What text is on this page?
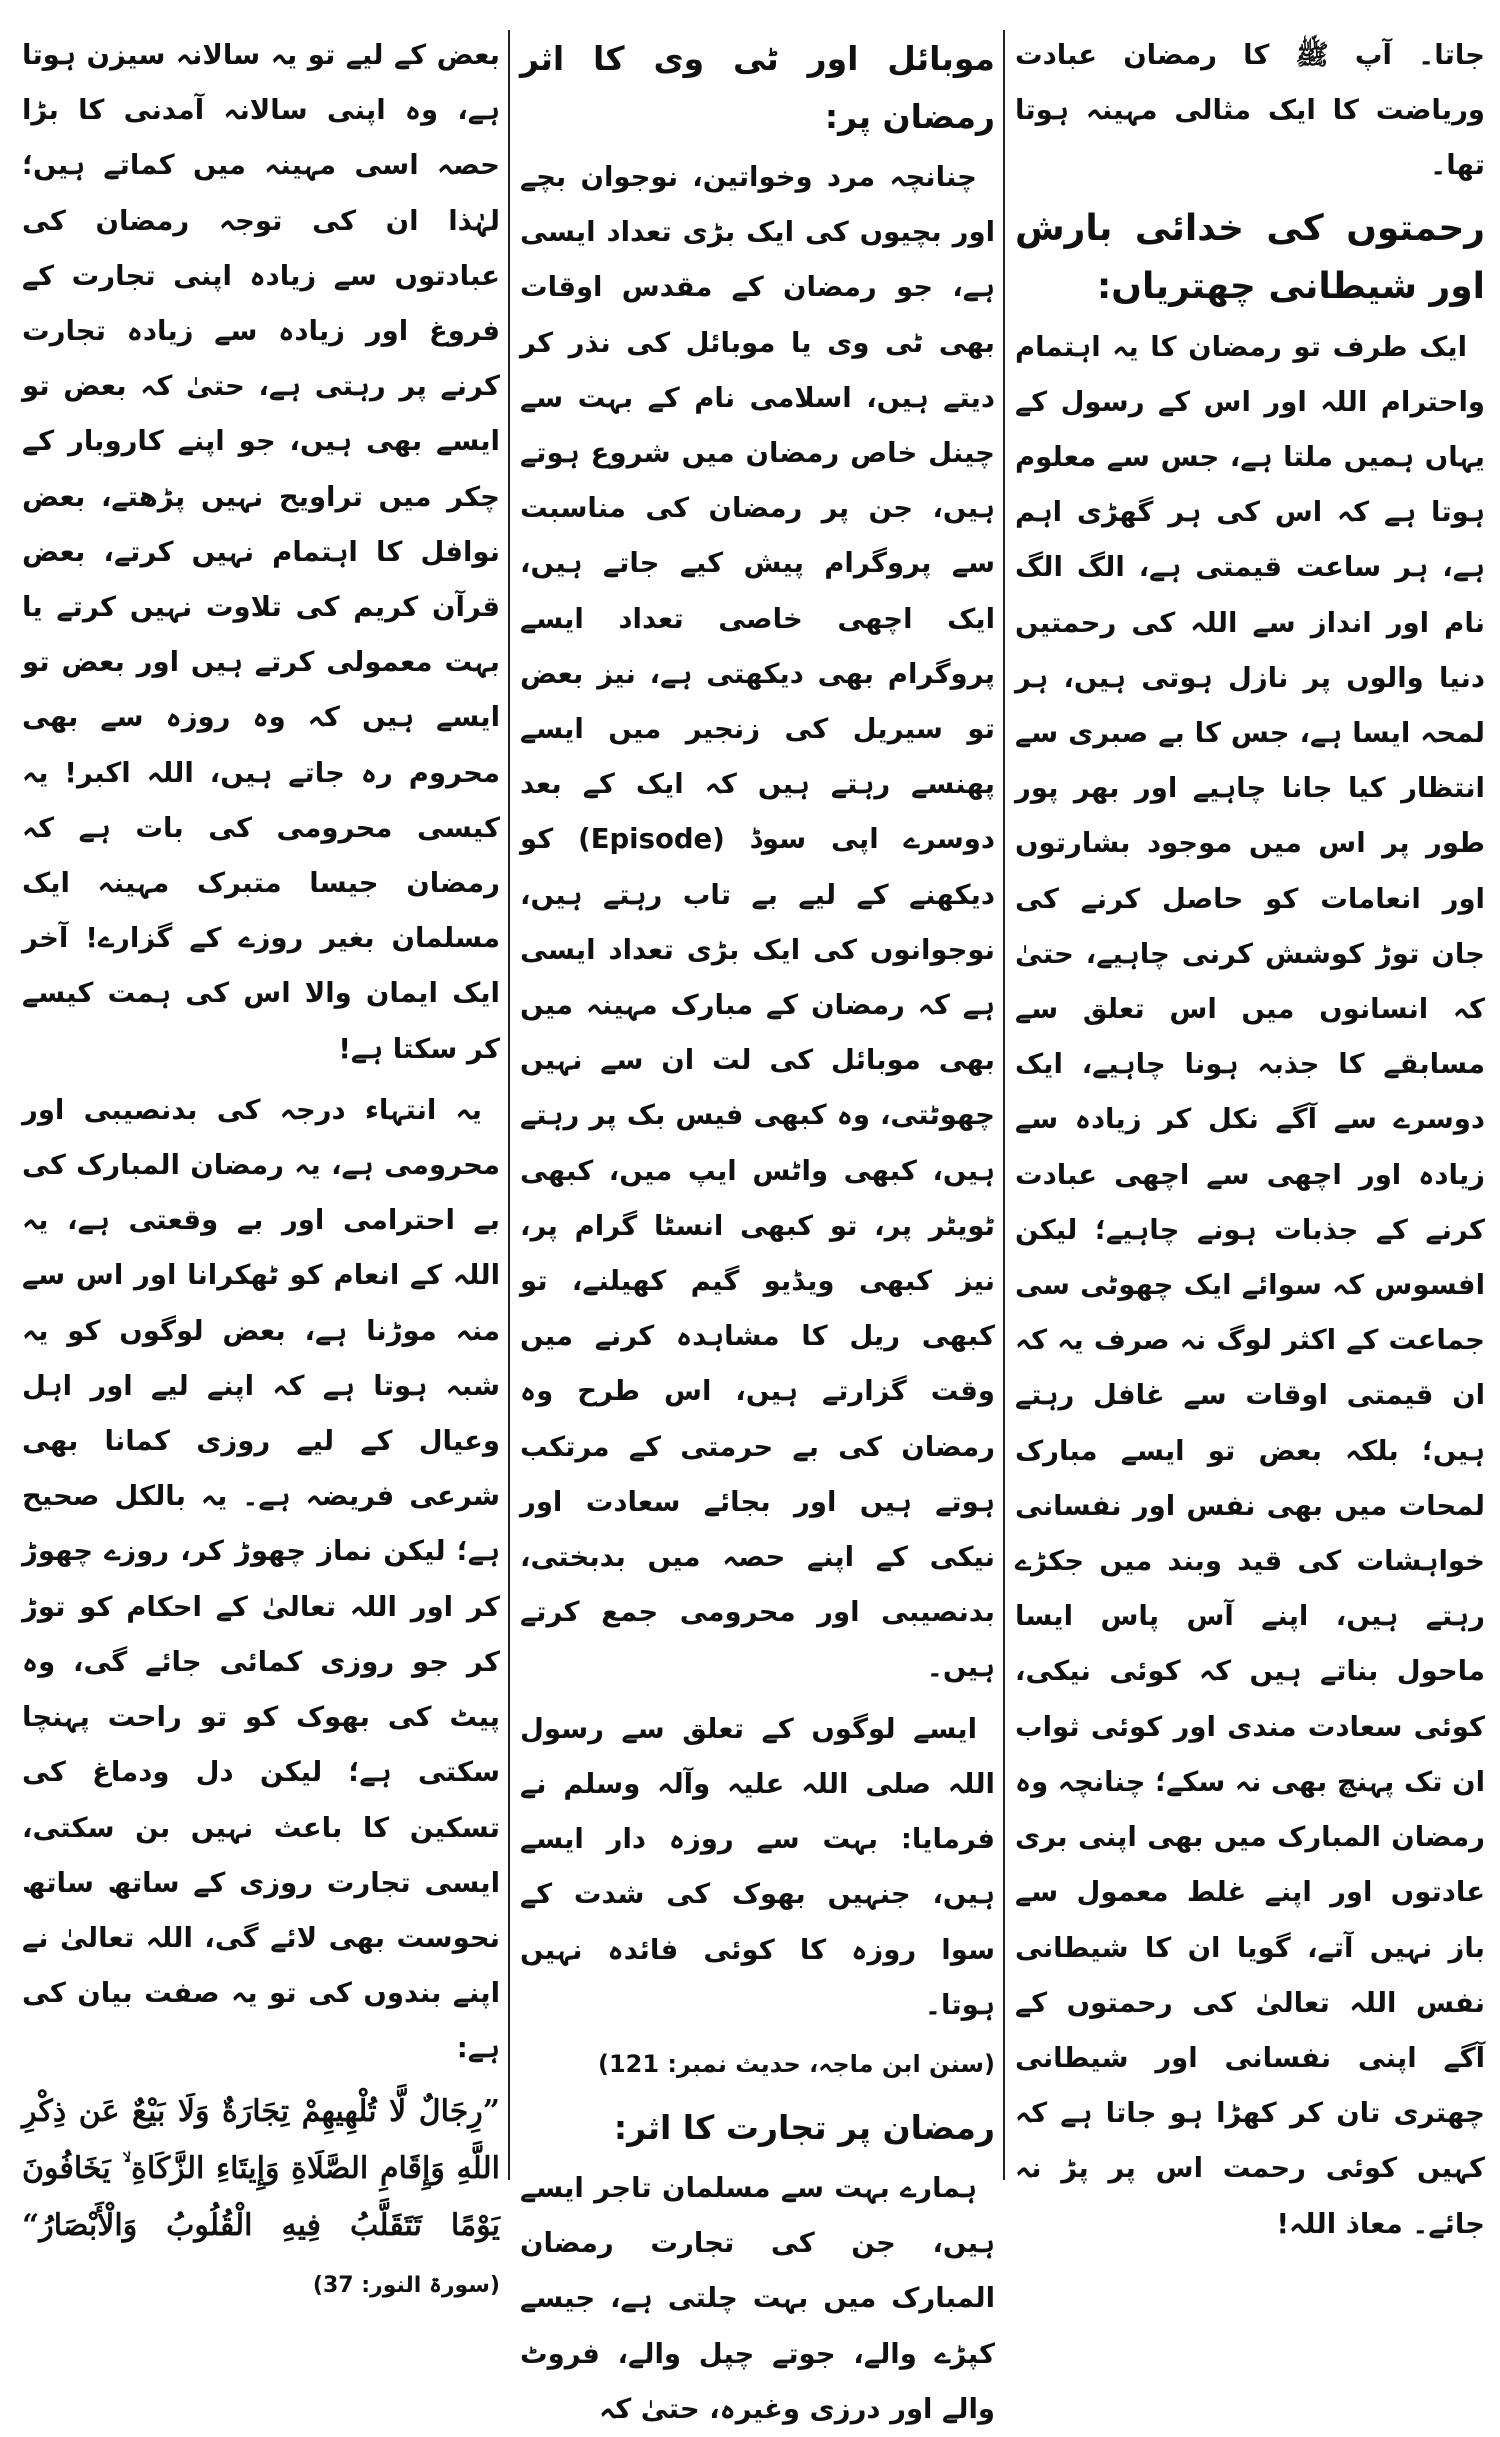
جاتا۔ آپ ﷺ کا رمضان عبادت وریاضت کا ایک مثالی مہینہ ہوتا تھا۔

رحمتوں کی خدائی بارش اور شیطانی چھتریاں:

ایک طرف تو رمضان کا یہ اہتمام واحترام اللہ اور اس کے رسول کے یہاں ہمیں ملتا ہے، جس سے معلوم ہوتا ہے کہ اس کی ہر گھڑی اہم ہے، ہر ساعت قیمتی ہے، الگ الگ نام اور انداز سے اللہ کی رحمتیں دنیا والوں پر نازل ہوتی ہیں، ہر لمحہ ایسا ہے، جس کا بے صبری سے انتظار کیا جانا چاہیے اور بھر پور طور پر اس میں موجود بشارتوں اور انعامات کو حاصل کرنے کی جان توڑ کوشش کرنی چاہیے، حتیٰ کہ انسانوں میں اس تعلق سے مسابقے کا جذبہ ہونا چاہیے، ایک دوسرے سے آگے نکل کر زیادہ سے زیادہ اور اچھی سے اچھی عبادت کرنے کے جذبات ہونے چاہیے؛ لیکن افسوس کہ سوائے ایک چھوٹی سی جماعت کے اکثر لوگ نہ صرف یہ کہ ان قیمتی اوقات سے غافل رہتے ہیں؛ بلکہ بعض تو ایسے مبارک لمحات میں بھی نفس اور نفسانی خواہشات کی قید وبند میں جکڑے رہتے ہیں، اپنے آس پاس ایسا ماحول بناتے ہیں کہ کوئی نیکی، کوئی سعادت مندی اور کوئی ثواب ان تک پہنچ بھی نہ سکے؛ چنانچہ وہ رمضان المبارک میں بھی اپنی بری عادتوں اور اپنے غلط معمول سے باز نہیں آتے، گویا ان کا شیطانی نفس اللہ تعالیٰ کی رحمتوں کے آگے اپنی نفسانی اور شیطانی چھتری تان کر کھڑا ہو جاتا ہے کہ کہیں کوئی رحمت اس پر پڑ نہ جائے۔ معاذ اللہ!

موبائل اور ٹی وی کا اثر رمضان پر:

چنانچہ مرد وخواتین، نوجوان بچے اور بچیوں کی ایک بڑی تعداد ایسی ہے، جو رمضان کے مقدس اوقات بھی ٹی وی یا موبائل کی نذر کر دیتے ہیں، اسلامی نام کے بہت سے چینل خاص رمضان میں شروع ہوتے ہیں، جن پر رمضان کی مناسبت سے پروگرام پیش کیے جاتے ہیں، ایک اچھی خاصی تعداد ایسے پروگرام بھی دیکھتی ہے، نیز بعض تو سیریل کی زنجیر میں ایسے پھنسے رہتے ہیں کہ ایک کے بعد دوسرے اپی سوڈ (Episode) کو دیکھنے کے لیے بے تاب رہتے ہیں، نوجوانوں کی ایک بڑی تعداد ایسی ہے کہ رمضان کے مبارک مہینہ میں بھی موبائل کی لت ان سے نہیں چھوٹتی، وہ کبھی فیس بک پر رہتے ہیں، کبھی واٹس ایپ میں، کبھی ٹویٹر پر، تو کبھی انسٹا گرام پر، نیز کبھی ویڈیو گیم کھیلنے، تو کبھی ریل کا مشاہدہ کرنے میں وقت گزارتے ہیں، اس طرح وہ رمضان کی بے حرمتی کے مرتکب ہوتے ہیں اور بجائے سعادت اور نیکی کے اپنے حصہ میں بدبختی، بدنصیبی اور محرومی جمع کرتے ہیں۔

ایسے لوگوں کے تعلق سے رسول اللہ صلی اللہ علیہ وآلہ وسلم نے فرمایا: بہت سے روزہ دار ایسے ہیں، جنہیں بھوک کی شدت کے سوا روزہ کا کوئی فائدہ نہیں ہوتا۔

(سنن ابن ماجہ، حدیث نمبر: 121)

رمضان پر تجارت کا اثر:

ہمارے بہت سے مسلمان تاجر ایسے ہیں، جن کی تجارت رمضان المبارک میں بہت چلتی ہے، جیسے کپڑے والے، جوتے چپل والے، فروٹ والے اور درزی وغیرہ، حتیٰ کہ

بعض کے لیے تو یہ سالانہ سیزن ہوتا ہے، وہ اپنی سالانہ آمدنی کا بڑا حصہ اسی مہینہ میں کماتے ہیں؛ لہٰذا ان کی توجہ رمضان کی عبادتوں سے زیادہ اپنی تجارت کے فروغ اور زیادہ سے زیادہ تجارت کرنے پر رہتی ہے، حتیٰ کہ بعض تو ایسے بھی ہیں، جو اپنے کاروبار کے چکر میں تراویح نہیں پڑھتے، بعض نوافل کا اہتمام نہیں کرتے، بعض قرآن کریم کی تلاوت نہیں کرتے یا بہت معمولی کرتے ہیں اور بعض تو ایسے ہیں کہ وہ روزہ سے بھی محروم رہ جاتے ہیں، اللہ اکبر! یہ کیسی محرومی کی بات ہے کہ رمضان جیسا متبرک مہینہ ایک مسلمان بغیر روزے کے گزارے! آخر ایک ایمان والا اس کی ہمت کیسے کر سکتا ہے!

یہ انتہاء درجہ کی بدنصیبی اور محرومی ہے، یہ رمضان المبارک کی بے احترامی اور بے وقعتی ہے، یہ اللہ کے انعام کو ٹھکرانا اور اس سے منہ موڑنا ہے، بعض لوگوں کو یہ شبہ ہوتا ہے کہ اپنے لیے اور اہل وعیال کے لیے روزی کمانا بھی شرعی فریضہ ہے۔ یہ بالکل صحیح ہے؛ لیکن نماز چھوڑ کر، روزے چھوڑ کر اور اللہ تعالیٰ کے احکام کو توڑ کر جو روزی کمائی جائے گی، وہ پیٹ کی بھوک کو تو راحت پہنچا سکتی ہے؛ لیکن دل ودماغ کی تسکین کا باعث نہیں بن سکتی، ایسی تجارت روزی کے ساتھ ساتھ نحوست بھی لائے گی، اللہ تعالیٰ نے اپنے بندوں کی تو یہ صفت بیان کی ہے:

”رِجَالٌ لَّا تُلْهِيهِمْ تِجَارَةٌ وَلَا بَيْعٌ عَن ذِكْرِ اللَّهِ وَإِقَامِ الصَّلَاةِ وَإِيتَاءِ الزَّكَاةِ ۙ يَخَافُونَ يَوْمًا تَتَقَلَّبُ فِيهِ الْقُلُوبُ وَالْأَبْصَارُ“ (سورۃ النور: 37)
